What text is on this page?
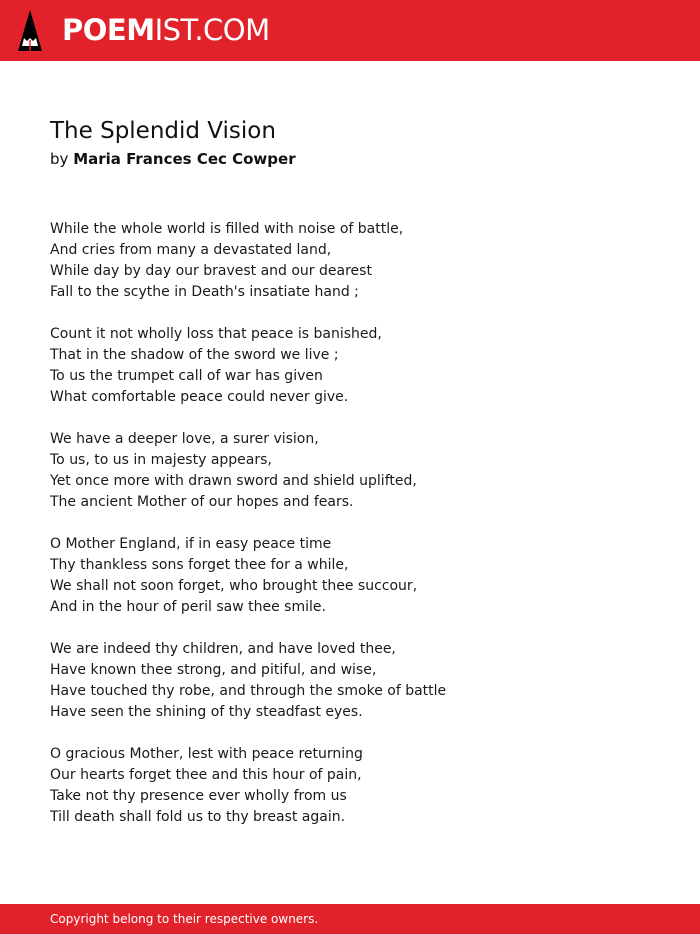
POEMIST.COM
The Splendid Vision
by Maria Frances Cec Cowper
While the whole world is filled with noise of battle,
And cries from many a devastated land,
While day by day our bravest and our dearest
Fall to the scythe in Death's insatiate hand ;
Count it not wholly loss that peace is banished,
That in the shadow of the sword we live ;
To us the trumpet call of war has given
What comfortable peace could never give.
We have a deeper love, a surer vision,
To us, to us in majesty appears,
Yet once more with drawn sword and shield uplifted,
The ancient Mother of our hopes and fears.
O Mother England, if in easy peace time
Thy thankless sons forget thee for a while,
We shall not soon forget, who brought thee succour,
And in the hour of peril saw thee smile.
We are indeed thy children, and have loved thee,
Have known thee strong, and pitiful, and wise,
Have touched thy robe, and through the smoke of battle
Have seen the shining of thy steadfast eyes.
O gracious Mother, lest with peace returning
Our hearts forget thee and this hour of pain,
Take not thy presence ever wholly from us
Till death shall fold us to thy breast again.
Copyright belong to their respective owners.
